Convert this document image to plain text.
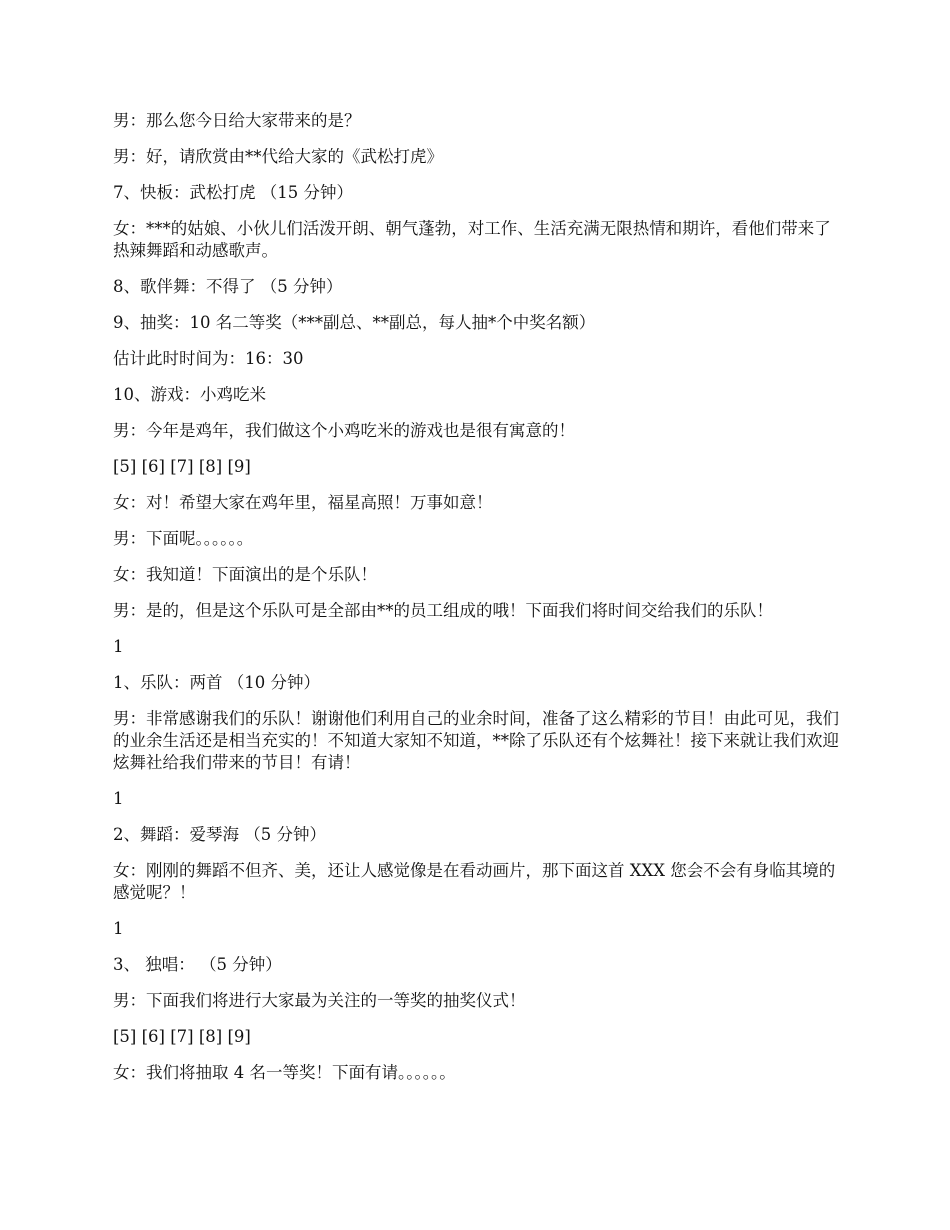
男：那么您今日给大家带来的是？

男：好，请欣赏由**代给大家的《武松打虎》

7、快板：武松打虎 （15 分钟）

女：***的姑娘、小伙儿们活泼开朗、朝气蓬勃，对工作、生活充满无限热情和期许，看他们带来了热辣舞蹈和动感歌声。

8、歌伴舞：不得了 （5 分钟）

9、抽奖：10 名二等奖（***副总、**副总，每人抽*个中奖名额）

估计此时时间为：16：30

10、游戏：小鸡吃米

男：今年是鸡年，我们做这个小鸡吃米的游戏也是很有寓意的！

[5] [6] [7] [8] [9]

女：对！希望大家在鸡年里，福星高照！万事如意！

男：下面呢。。。。。。

女：我知道！下面演出的是个乐队！

男：是的，但是这个乐队可是全部由**的员工组成的哦！下面我们将时间交给我们的乐队！

1

1、乐队：两首 （10 分钟）

男：非常感谢我们的乐队！谢谢他们利用自己的业余时间，准备了这么精彩的节目！由此可见，我们的业余生活还是相当充实的！不知道大家知不知道，**除了乐队还有个炫舞社！接下来就让我们欢迎炫舞社给我们带来的节目！有请！

1

2、舞蹈：爱琴海 （5 分钟）

女：刚刚的舞蹈不但齐、美，还让人感觉像是在看动画片，那下面这首 XXX 您会不会有身临其境的感觉呢？！

1

3、 独唱： （5 分钟）

男：下面我们将进行大家最为关注的一等奖的抽奖仪式！

[5] [6] [7] [8] [9]

女：我们将抽取 4 名一等奖！下面有请。。。。。。
